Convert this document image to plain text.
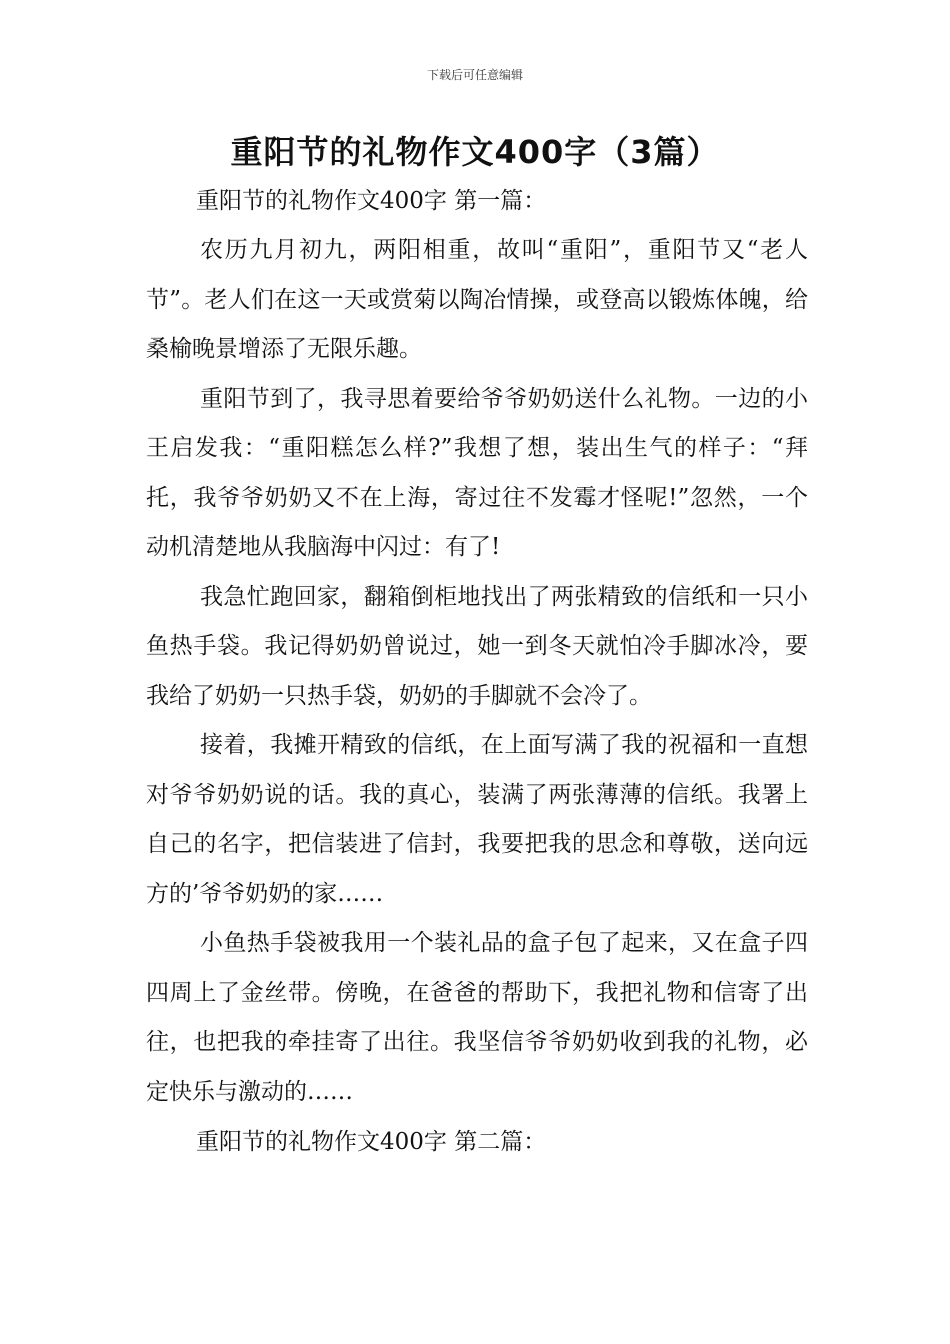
下载后可任意编辑
重阳节的礼物作文400字（3篇）

重阳节的礼物作文400字 第一篇：

农历九月初九，两阳相重，故叫“重阳”，重阳节又“老人节”。老人们在这一天或赏菊以陶冶情操，或登高以锻炼体魄，给桑榆晚景增添了无限乐趣。

重阳节到了，我寻思着要给爷爷奶奶送什么礼物。一边的小王启发我：“重阳糕怎么样?”我想了想，装出生气的样子：“拜托，我爷爷奶奶又不在上海，寄过往不发霉才怪呢!”忽然，一个动机清楚地从我脑海中闪过：有了!

我急忙跑回家，翻箱倒柜地找出了两张精致的信纸和一只小鱼热手袋。我记得奶奶曾说过，她一到冬天就怕冷手脚冰冷，要我给了奶奶一只热手袋，奶奶的手脚就不会冷了。

接着，我摊开精致的信纸，在上面写满了我的祝福和一直想对爷爷奶奶说的话。我的真心，装满了两张薄薄的信纸。我署上自己的名字，把信装进了信封，我要把我的思念和尊敬，送向远方的’爷爷奶奶的家……

小鱼热手袋被我用一个装礼品的盒子包了起来，又在盒子四四周上了金丝带。傍晚，在爸爸的帮助下，我把礼物和信寄了出往，也把我的牵挂寄了出往。我坚信爷爷奶奶收到我的礼物，必定快乐与激动的……

重阳节的礼物作文400字 第二篇：
